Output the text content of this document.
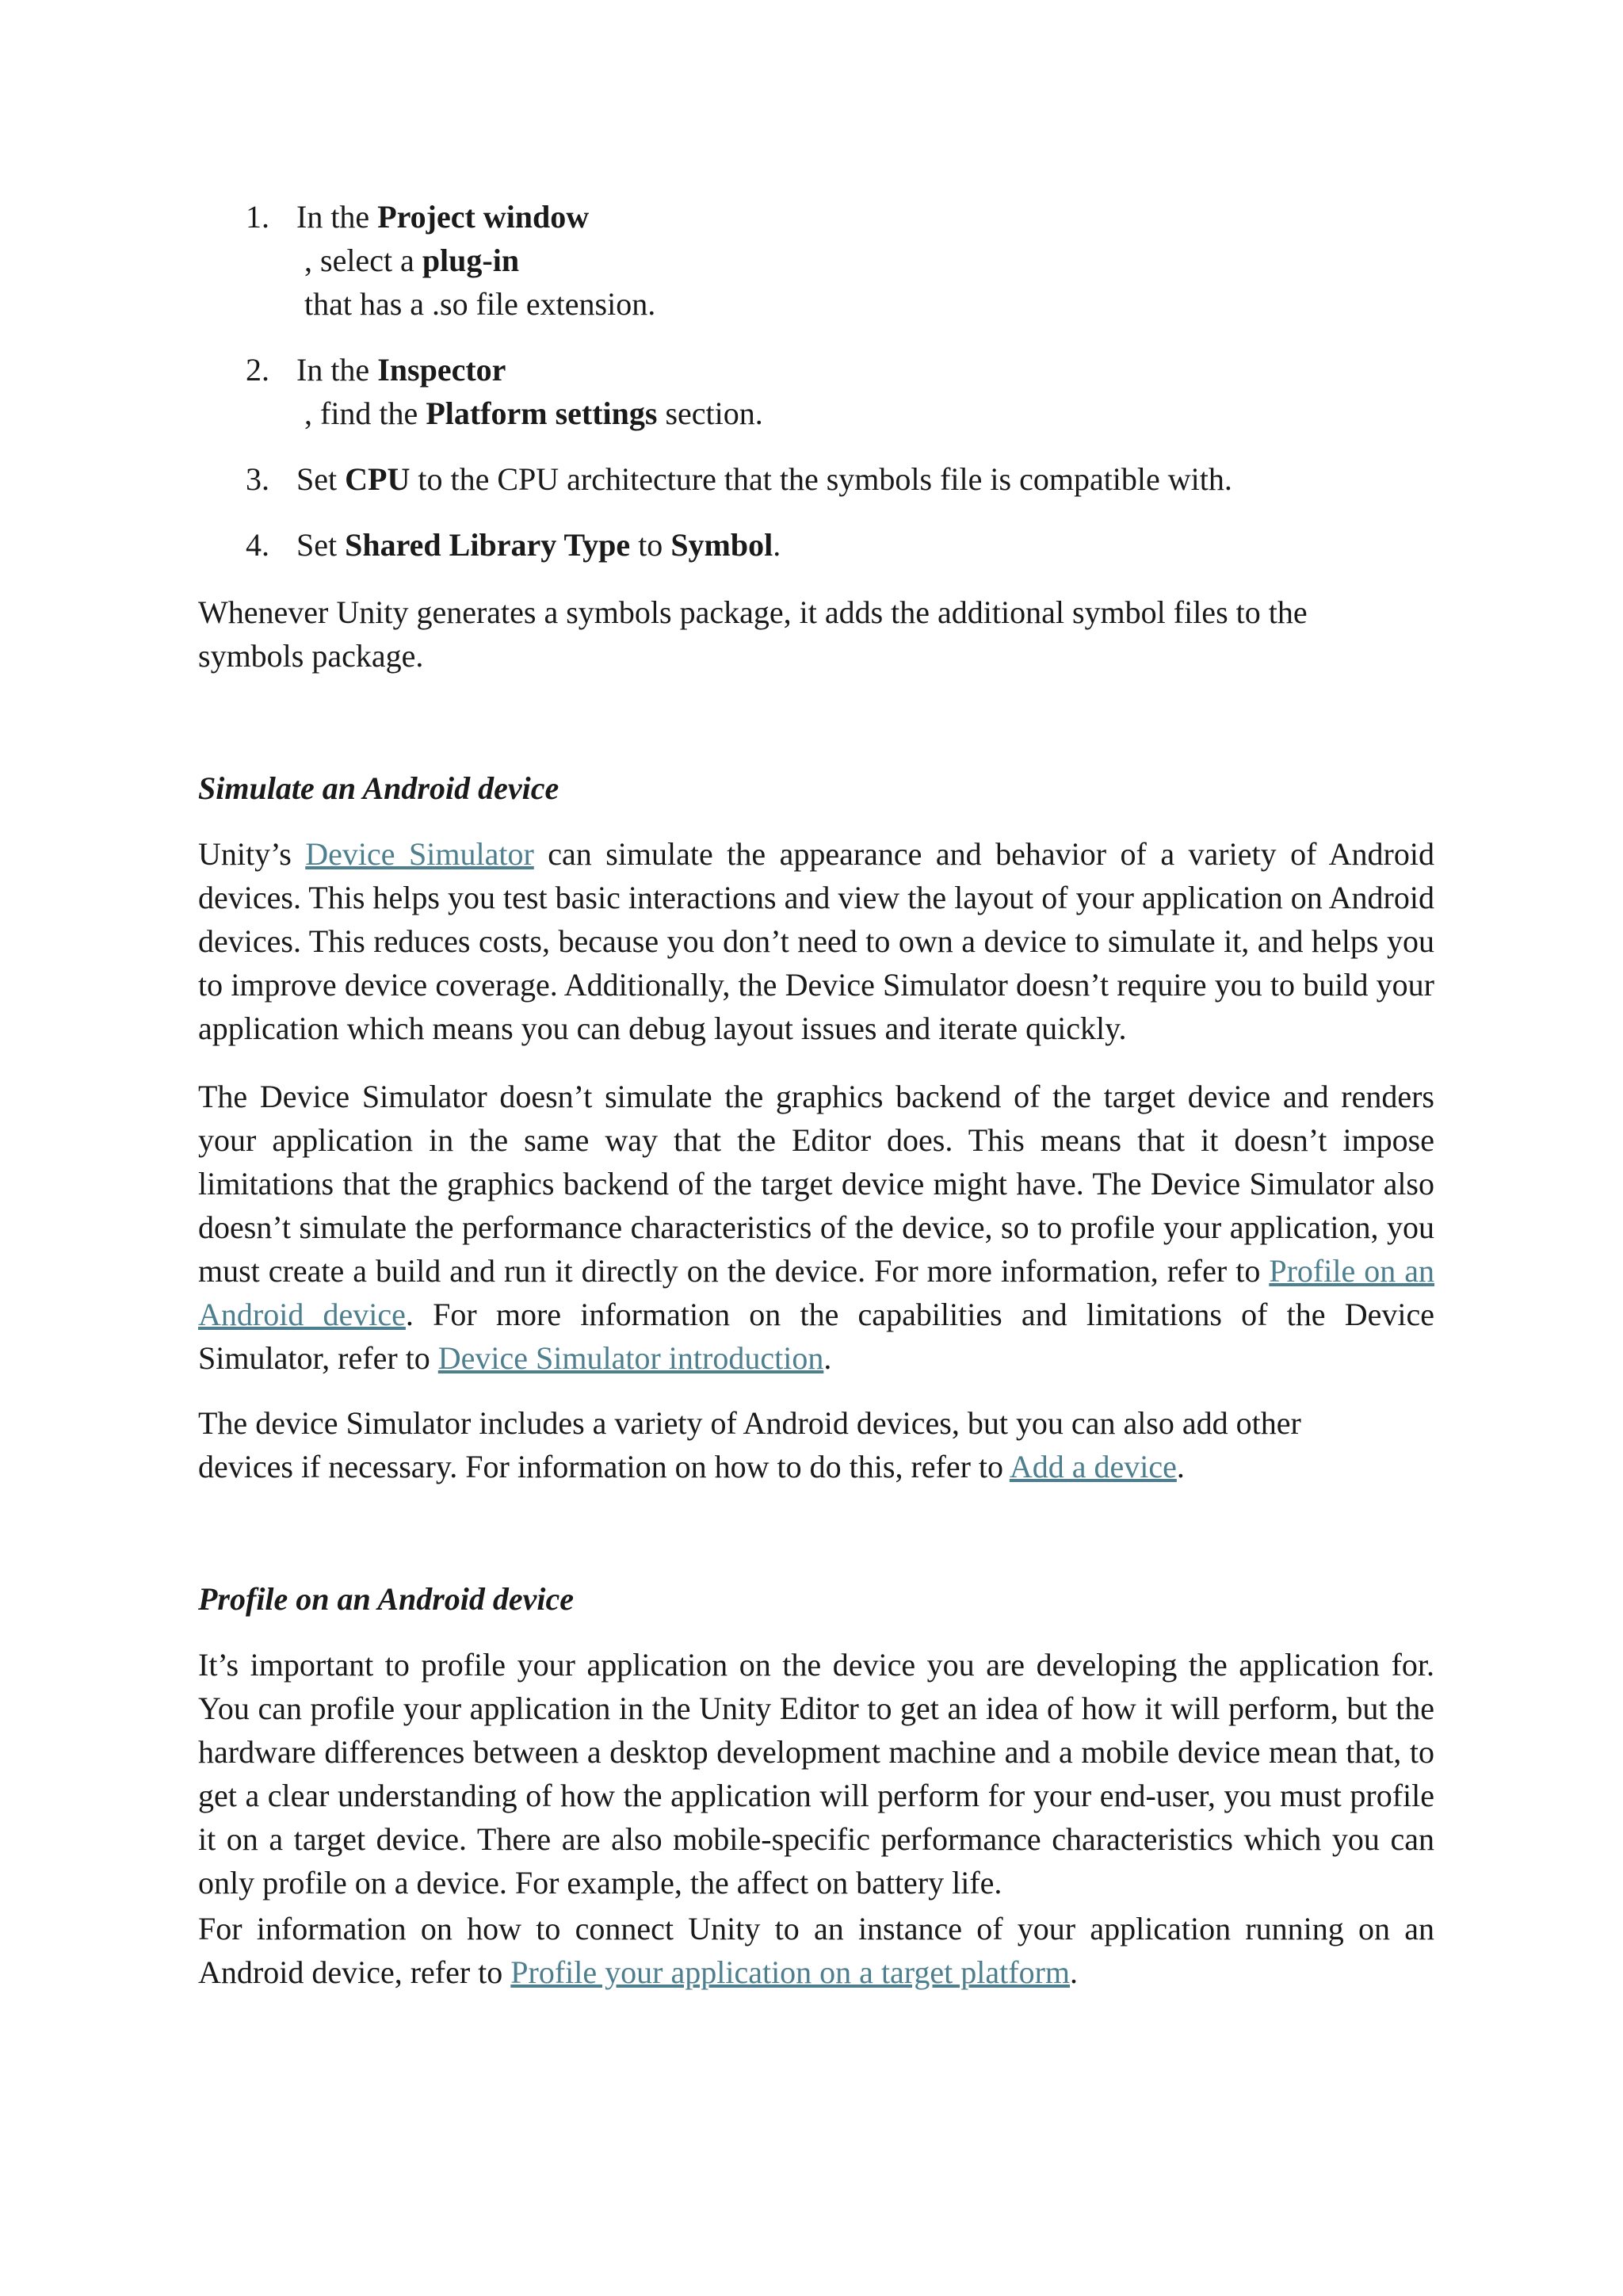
1. In the Project window
, select a plug-in
that has a .so file extension.
2. In the Inspector
, find the Platform settings section.
3. Set CPU to the CPU architecture that the symbols file is compatible with.
4. Set Shared Library Type to Symbol.

Whenever Unity generates a symbols package, it adds the additional symbol files to the symbols package.

Simulate an Android device

Unity’s Device Simulator can simulate the appearance and behavior of a variety of Android devices. This helps you test basic interactions and view the layout of your application on Android devices. This reduces costs, because you don’t need to own a device to simulate it, and helps you to improve device coverage. Additionally, the Device Simulator doesn’t require you to build your application which means you can debug layout issues and iterate quickly.

The Device Simulator doesn’t simulate the graphics backend of the target device and renders your application in the same way that the Editor does. This means that it doesn’t impose limitations that the graphics backend of the target device might have. The Device Simulator also doesn’t simulate the performance characteristics of the device, so to profile your application, you must create a build and run it directly on the device. For more information, refer to Profile on an Android device. For more information on the capabilities and limitations of the Device Simulator, refer to Device Simulator introduction.

The device Simulator includes a variety of Android devices, but you can also add other devices if necessary. For information on how to do this, refer to Add a device.

Profile on an Android device

It’s important to profile your application on the device you are developing the application for. You can profile your application in the Unity Editor to get an idea of how it will perform, but the hardware differences between a desktop development machine and a mobile device mean that, to get a clear understanding of how the application will perform for your end-user, you must profile it on a target device. There are also mobile-specific performance characteristics which you can only profile on a device. For example, the affect on battery life.

For information on how to connect Unity to an instance of your application running on an Android device, refer to Profile your application on a target platform.
